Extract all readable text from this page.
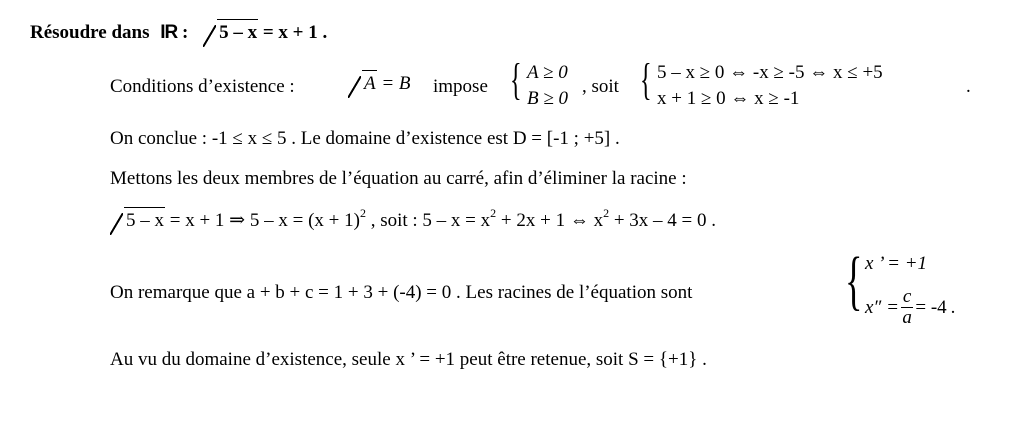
Résoudre dans IR : 5 – x = x + 1 .
Conditions d’existence :	A = B impose { A ≥ 0
B ≥ 0
, soit { 5 – x ≥ 0 ⇔ -x ≥ -5 ⇔ x ≤ +5
x + 1 ≥ 0 ⇔ x ≥ -1
.
On conclue : -1 ≤ x ≤ 5 . Le domaine d’existence est D = [-1 ; +5] .
Mettons les deux membres de l’équation au carré, afin d’éliminer la racine :
5 – x = x + 1 ⇒ $5 - x = (x + 1)^2$ , soit : $5 - x = x^2 + 2x + 1$ ⇔ $x^2 + 3x - 4 = 0$ .
On remarque que a + b + c = 1 + 3 + (-4) = 0 . Les racines de l’équation sont { x ’ = +1
$x'' = \frac{c}{a} = -4$ .
Au vu du domaine d’existence, seule x ’ = +1 peut être retenue, soit S = {+1} .
